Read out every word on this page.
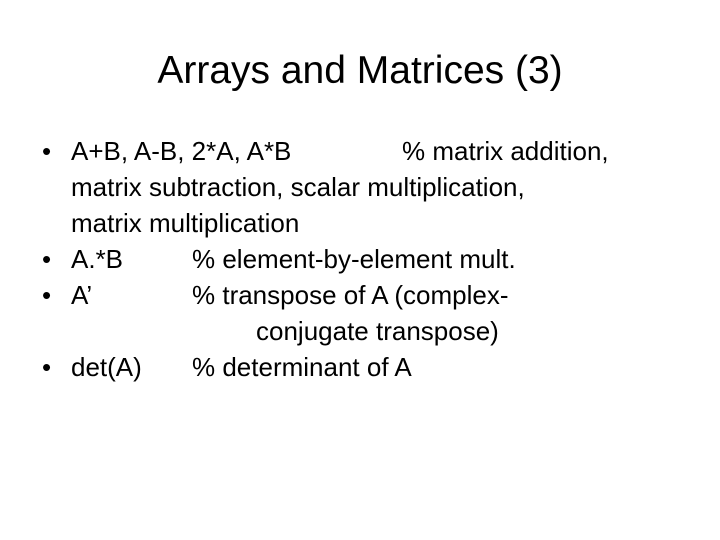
Arrays and Matrices (3)
• A+B, A-B, 2*A, A*B	% matrix addition,
matrix subtraction, scalar multiplication,
matrix multiplication
• A.*B	% element-by-element mult.
• A’	% transpose of A (complex-
conjugate transpose)
• det(A) % determinant of A
